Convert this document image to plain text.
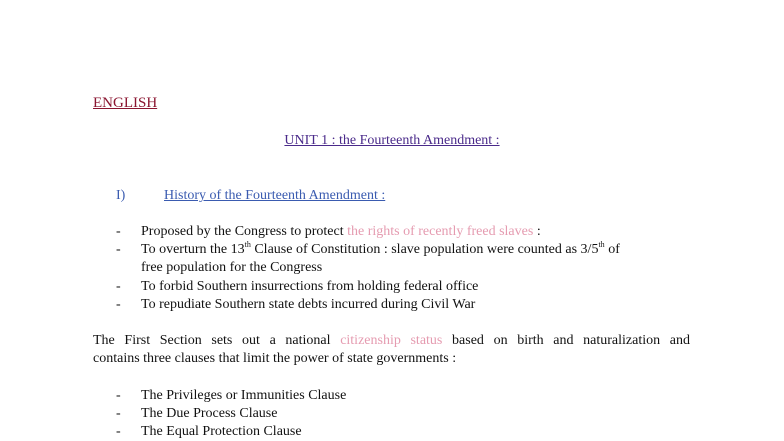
ENGLISH
UNIT 1 : the Fourteenth Amendment :
I)	History of the Fourteenth Amendment :
- Proposed by the Congress to protect the rights of recently freed slaves :
- To overturn the 13th Clause of Constitution : slave population were counted as 3/5th of
free population for the Congress
- To forbid Southern insurrections from holding federal office
- To repudiate Southern state debts incurred during Civil War
The First Section sets out a national citizenship status based on birth and naturalization and
contains three clauses that limit the power of state governments :
- The Privileges or Immunities Clause
- The Due Process Clause
- The Equal Protection Clause
